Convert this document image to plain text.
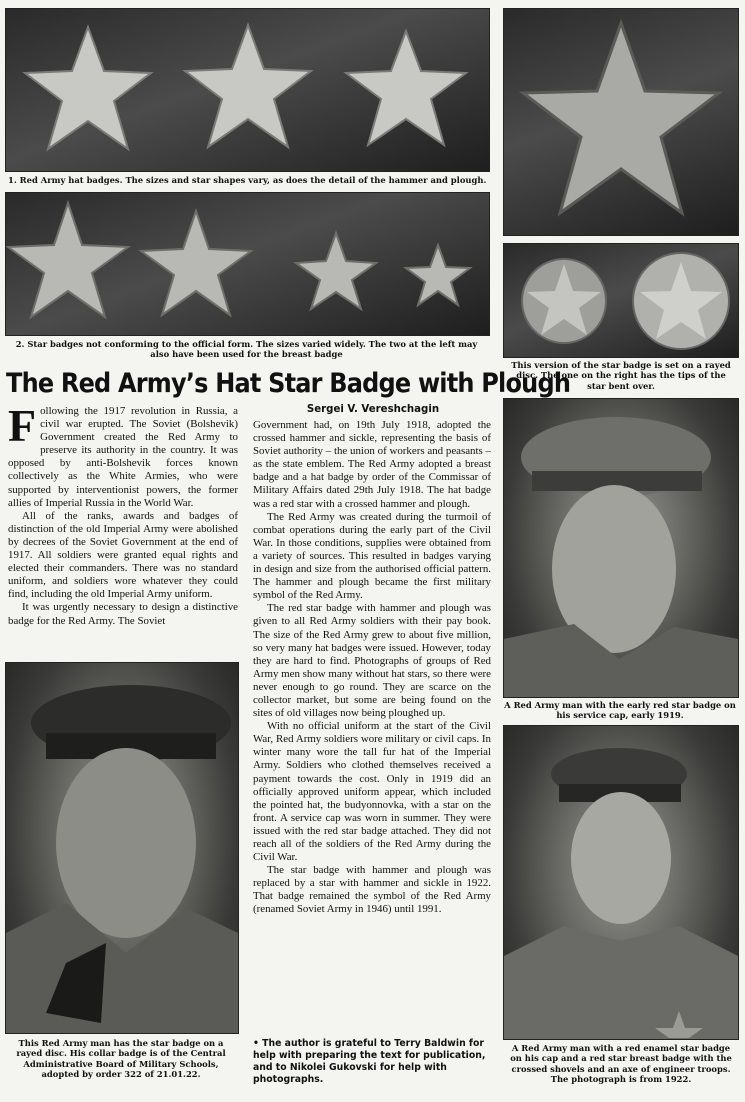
1. Red Army hat badges. The sizes and star shapes vary, as does the detail of the hammer and plough.
2. Star badges not conforming to the official form. The sizes varied widely. The two at the left may also have been used for the breast badge
This version of the star badge is set on a rayed disc. The one on the right has the tips of the star bent over.
The Red Army’s Hat Star Badge with Plough

Following the 1917 revolution in Russia, a civil war erupted. The Soviet (Bolshevik) Government created the Red Army to preserve its authority in the country. It was opposed by anti-Bolshevik forces known collectively as the White Armies, who were supported by interventionist powers, the former allies of Imperial Russia in the World War.

All of the ranks, awards and badges of distinction of the old Imperial Army were abolished by decrees of the Soviet Government at the end of 1917. All soldiers were granted equal rights and elected their commanders. There was no standard uniform, and soldiers wore whatever they could find, including the old Imperial Army uniform.

It was urgently necessary to design a distinctive badge for the Red Army. The Soviet

Sergei V. Vereshchagin

Government had, on 19th July 1918, adopted the crossed hammer and sickle, representing the basis of Soviet authority – the union of workers and peasants – as the state emblem. The Red Army adopted a breast badge and a hat badge by order of the Commissar of Military Affairs dated 29th July 1918. The hat badge was a red star with a crossed hammer and plough.

The Red Army was created during the turmoil of combat operations during the early part of the Civil War. In those conditions, supplies were obtained from a variety of sources. This resulted in badges varying in design and size from the authorised official pattern. The hammer and plough became the first military symbol of the Red Army.

The red star badge with hammer and plough was given to all Red Army soldiers with their pay book. The size of the Red Army grew to about five million, so very many hat badges were issued. However, today they are hard to find. Photographs of groups of Red Army men show many without hat stars, so there were never enough to go round. They are scarce on the collector market, but some are being found on the sites of old villages now being ploughed up.

With no official uniform at the start of the Civil War, Red Army soldiers wore military or civil caps. In winter many wore the tall fur hat of the Imperial Army. Soldiers who clothed themselves received a payment towards the cost. Only in 1919 did an officially approved uniform appear, which included the pointed hat, the budyonnovka, with a star on the front. A service cap was worn in summer. They were issued with the red star badge attached. They did not reach all of the soldiers of the Red Army during the Civil War.

The star badge with hammer and plough was replaced by a star with hammer and sickle in 1922. That badge remained the symbol of the Red Army (renamed Soviet Army in 1946) until 1991.

• The author is grateful to Terry Baldwin for help with preparing the text for publication, and to Nikolei Gukovski for help with photographs.
This Red Army man has the star badge on a rayed disc. His collar badge is of the Central Administrative Board of Military Schools, adopted by order 322 of 21.01.22.
A Red Army man with the early red star badge on his service cap, early 1919.
A Red Army man with a red enamel star badge on his cap and a red star breast badge with the crossed shovels and an axe of engineer troops. The photograph is from 1922.
